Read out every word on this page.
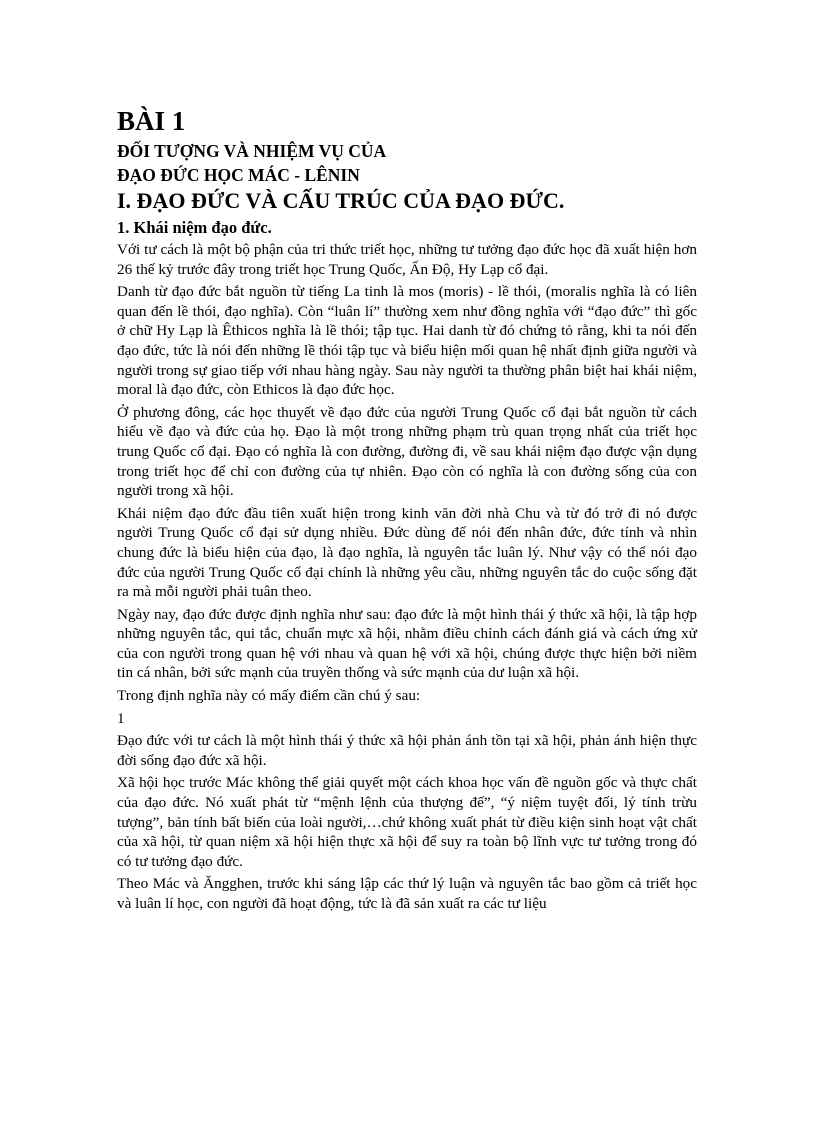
BÀI 1
ĐỐI TƯỢNG VÀ NHIỆM VỤ CỦA
ĐẠO ĐỨC HỌC MÁC - LÊNIN
I. ĐẠO ĐỨC VÀ CẤU TRÚC CỦA ĐẠO ĐỨC.
1. Khái niệm đạo đức.

Với tư cách là một bộ phận của tri thức triết học, những tư tưởng đạo đức học đã xuất hiện hơn 26 thế kỷ trước đây trong triết học Trung Quốc, Ấn Độ, Hy Lạp cổ đại.

Danh từ đạo đức bắt nguồn từ tiếng La tinh là mos (moris) - lề thói, (moralis nghĩa là có liên quan đến lề thói, đạo nghĩa). Còn “luân lí” thường xem như đồng nghĩa với “đạo đức” thì gốc ở chữ Hy Lạp là Êthicos nghĩa là lề thói; tập tục. Hai danh từ đó chứng tỏ rằng, khi ta nói đến đạo đức, tức là nói đến những lề thói tập tục và biểu hiện mối quan hệ nhất định giữa người và người trong sự giao tiếp với nhau hàng ngày. Sau này người ta thường phân biệt hai khái niệm, moral là đạo đức, còn Ethicos là đạo đức học.

Ở phương đông, các học thuyết về đạo đức của người Trung Quốc cổ đại bắt nguồn từ cách hiểu về đạo và đức của họ. Đạo là một trong những phạm trù quan trọng nhất của triết học trung Quốc cổ đại. Đạo có nghĩa là con đường, đường đi, về sau khái niệm đạo được vận dụng trong triết học để chỉ con đường của tự nhiên. Đạo còn có nghĩa là con đường sống của con người trong xã hội.

Khái niệm đạo đức đầu tiên xuất hiện trong kinh văn đời nhà Chu và từ đó trở đi nó được người Trung Quốc cổ đại sử dụng nhiều. Đức dùng để nói đến nhân đức, đức tính và nhìn chung đức là biểu hiện của đạo, là đạo nghĩa, là nguyên tắc luân lý. Như vậy có thể nói đạo đức của người Trung Quốc cổ đại chính là những yêu cầu, những nguyên tắc do cuộc sống đặt ra mà mỗi người phải tuân theo.

Ngày nay, đạo đức được định nghĩa như sau: đạo đức là một hình thái ý thức xã hội, là tập hợp những nguyên tắc, qui tắc, chuẩn mực xã hội, nhằm điều chỉnh cách đánh giá và cách ứng xử của con người trong quan hệ với nhau và quan hệ với xã hội, chúng được thực hiện bởi niềm tin cá nhân, bởi sức mạnh của truyền thống và sức mạnh của dư luận xã hội.

Trong định nghĩa này có mấy điểm cần chú ý sau:

1

Đạo đức với tư cách là một hình thái ý thức xã hội phản ánh tồn tại xã hội, phản ánh hiện thực đời sống đạo đức xã hội.

Xã hội học trước Mác không thể giải quyết một cách khoa học vấn đề nguồn gốc và thực chất của đạo đức. Nó xuất phát từ “mệnh lệnh của thượng đế”, “ý niệm tuyệt đối, lý tính trừu tượng”, bản tính bất biến của loài người,…chứ không xuất phát từ điều kiện sinh hoạt vật chất của xã hội, từ quan niệm xã hội hiện thực xã hội để suy ra toàn bộ lĩnh vực tư tưởng trong đó có tư tưởng đạo đức.

Theo Mác và Ăngghen, trước khi sáng lập các thứ lý luận và nguyên tắc bao gồm cả triết học và luân lí học, con người đã hoạt động, tức là đã sản xuất ra các tư liệu
